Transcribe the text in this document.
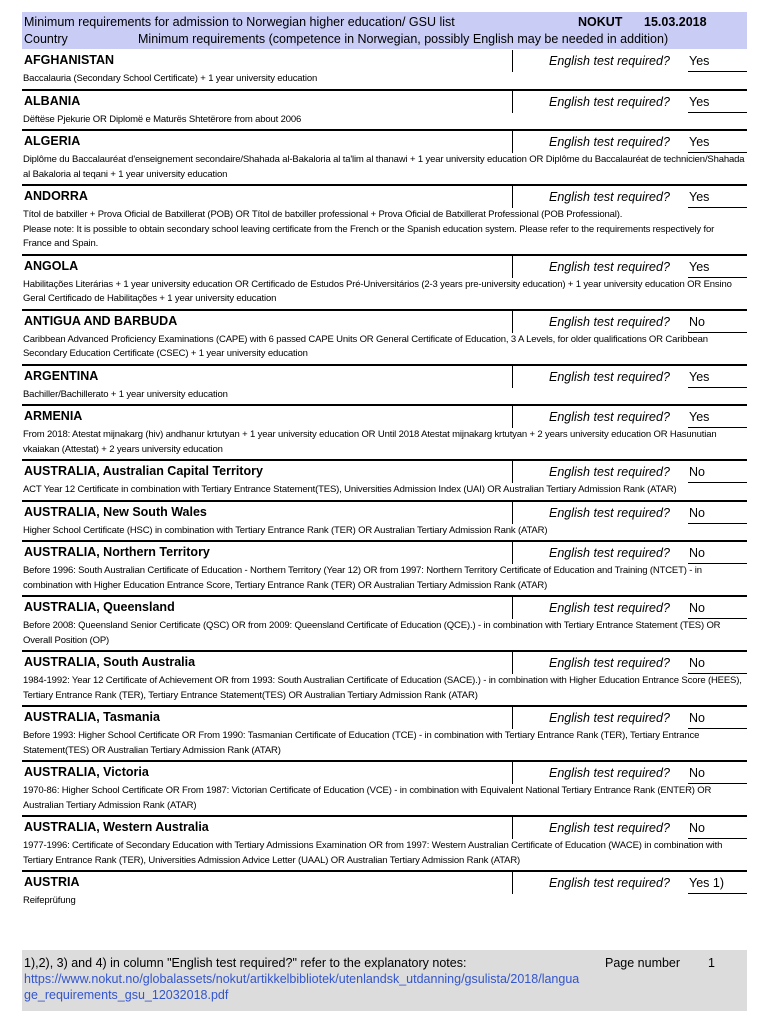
Minimum requirements for admission to Norwegian higher education/ GSU list	NOKUT 15.03.2018
Country	Minimum requirements (competence in Norwegian, possibly English may be needed in addition)
AFGHANISTAN	English test required? Yes
Baccalauria (Secondary School Certificate) + 1 year university education
ALBANIA	English test required? Yes
Dëftëse Pjekurie OR Diplomë e Maturës Shtetërore from about 2006
ALGERIA	English test required? Yes
Diplôme du Baccalauréat d'enseignement secondaire/Shahada al-Bakaloria al ta'lim al thanawi + 1 year university education OR Diplôme du Baccalauréat de technicien/Shahada al Bakaloria al teqani + 1 year university education
ANDORRA	English test required? Yes
Títol de batxiller + Prova Oficial de Batxillerat (POB) OR Títol de batxiller professional + Prova Oficial de Batxillerat Professional (POB Professional).
Please note: It is possible to obtain secondary school leaving certificate from the French or the Spanish education system. Please refer to the requirements respectively for France and Spain.
ANGOLA	English test required? Yes
Habilitações Literárias + 1 year university education OR Certificado de Estudos Pré-Universitários (2-3 years pre-university education) + 1 year university education OR Ensino Geral Certificado de Habilitações + 1 year university education
ANTIGUA AND BARBUDA	English test required? No
Caribbean Advanced Proficiency Examinations (CAPE) with 6 passed CAPE Units OR General Certificate of Education, 3 A Levels, for older qualifications OR Caribbean Secondary Education Certificate (CSEC) + 1 year university education
ARGENTINA	English test required? Yes
Bachiller/Bachillerato + 1 year university education
ARMENIA	English test required? Yes
From 2018: Atestat mijnakarg (hiv) andhanur krtutyan + 1 year university education OR Until 2018 Atestat mijnakarg krtutyan + 2 years university education OR Hasunutian vkaiakan (Attestat) + 2 years university education
AUSTRALIA, Australian Capital Territory	English test required? No
ACT Year 12 Certificate in combination with Tertiary Entrance Statement(TES), Universities Admission Index (UAI) OR Australian Tertiary Admission Rank (ATAR)
AUSTRALIA, New South Wales	English test required? No
Higher School Certificate (HSC) in combination with Tertiary Entrance Rank (TER) OR Australian Tertiary Admission Rank (ATAR)
AUSTRALIA, Northern Territory	English test required? No
Before 1996: South Australian Certificate of Education - Northern Territory (Year 12) OR from 1997: Northern Territory Certificate of Education and Training (NTCET) - in combination with Higher Education Entrance Score, Tertiary Entrance Rank (TER) OR Australian Tertiary Admission Rank (ATAR)
AUSTRALIA, Queensland	English test required? No
Before 2008: Queensland Senior Certificate (QSC) OR from 2009: Queensland Certificate of Education (QCE).) - in combination with Tertiary Entrance Statement (TES) OR Overall Position (OP)
AUSTRALIA, South Australia	English test required? No
1984-1992: Year 12 Certificate of Achievement OR from 1993: South Australian Certificate of Education (SACE).) - in combination with Higher Education Entrance Score (HEES), Tertiary Entrance Rank (TER), Tertiary Entrance Statement(TES) OR Australian Tertiary Admission Rank (ATAR)
AUSTRALIA, Tasmania	English test required? No
Before 1993: Higher School Certificate OR From 1990: Tasmanian Certificate of Education (TCE) - in combination with Tertiary Entrance Rank (TER), Tertiary Entrance Statement(TES) OR Australian Tertiary Admission Rank (ATAR)
AUSTRALIA, Victoria	English test required? No
1970-86: Higher School Certificate OR From 1987: Victorian Certificate of Education (VCE) - in combination with Equivalent National Tertiary Entrance Rank (ENTER) OR Australian Tertiary Admission Rank (ATAR)
AUSTRALIA, Western Australia	English test required? No
1977-1996: Certificate of Secondary Education with Tertiary Admissions Examination OR from 1997: Western Australian Certificate of Education (WACE) in combination with Tertiary Entrance Rank (TER), Universities Admission Advice Letter (UAAL) OR Australian Tertiary Admission Rank (ATAR)
AUSTRIA	English test required? Yes 1)
Reifeprüfung
1),2), 3) and 4) in column "English test required?" refer to the explanatory notes:	Page number 1
https://www.nokut.no/globalassets/nokut/artikkelbibliotek/utenlandsk_utdanning/gsulista/2018/language_requirements_gsu_12032018.pdf
